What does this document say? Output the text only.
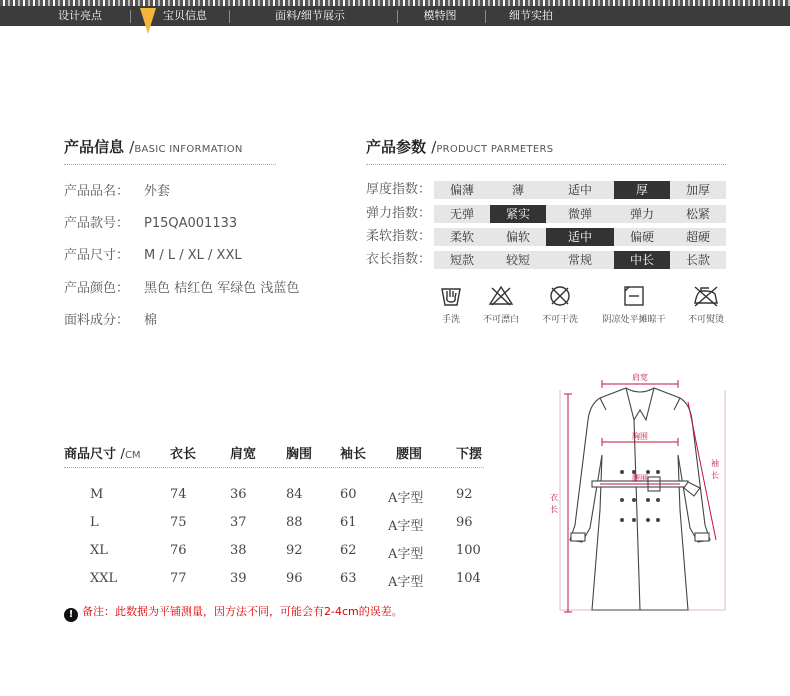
设计亮点	宝贝信息	面料/细节展示	模特图	细节实拍
产品信息 /BASIC INFORMATION
产品品名： 外套
产品款号： P15QA001133
产品尺寸： M / L / XL / XXL
产品颜色： 黑色 桔红色 军绿色 浅蓝色
面料成分： 棉
产品参数 /PRODUCT PARMETERS
厚度指数：	偏薄	薄	适中	厚	加厚
弹力指数：	无弹	紧实	微弹	弹力	松紧
柔软指数：	柔软	偏软	适中	偏硬	超硬
衣长指数：	短款	较短	常规	中长	长款
手洗	不可漂白	不可干洗	阴凉处平摊晾干	不可熨烫
商品尺寸 /CM 衣长	肩宽 胸围 袖长 腰围	下摆
M	74	36	84	60 A字型	92
L	75	37	88	61 A字型	96
XL	76	38	92	62 A字型	100
XXL	77	39	96	63 A字型	104
! 备注：此数据为平铺测量，因方法不同，可能会有2-4cm的误差。
肩宽
胸围
腰围
袖
长
衣
长
